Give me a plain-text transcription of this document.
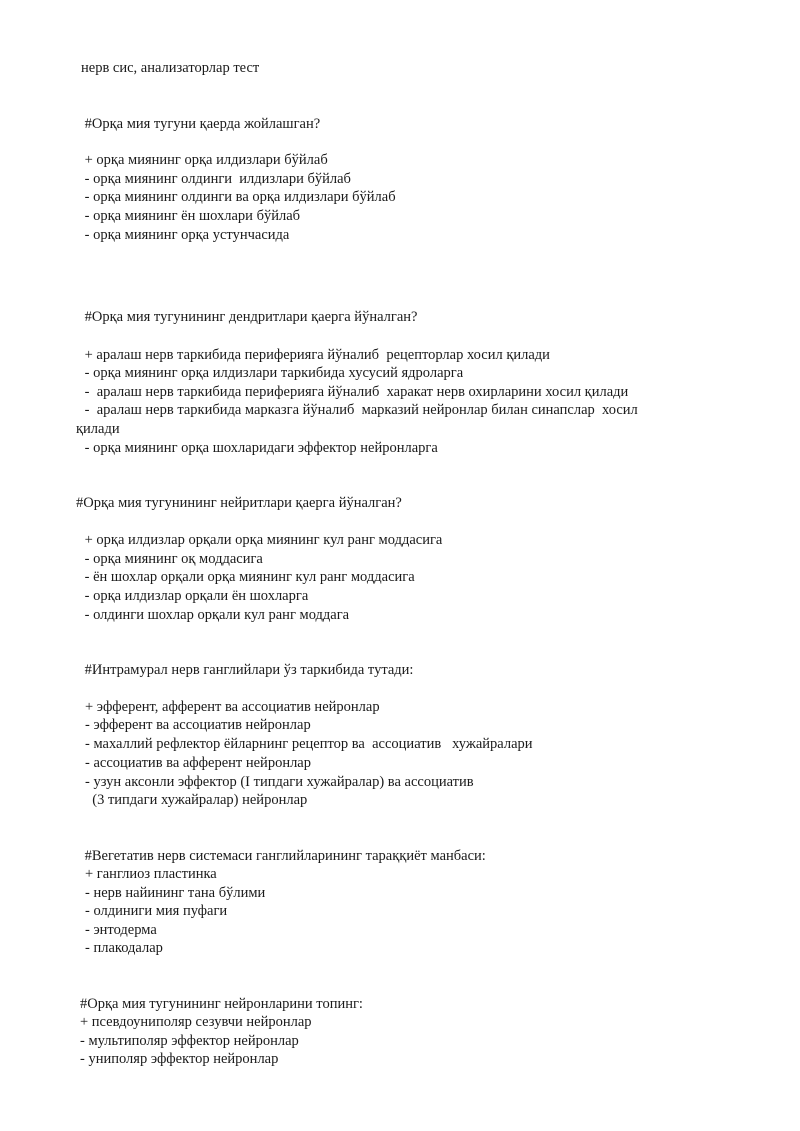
нерв сис, анализаторлар тест
#Орқа мия тугуни қаерда жойлашган?
+ орқа миянинг орқа илдизлари бўйлаб
- орқа миянинг олдинги  илдизлари бўйлаб
- орқа миянинг олдинги ва орқа илдизлари бўйлаб
- орқа миянинг ён шохлари бўйлаб
- орқа миянинг орқа устунчасида
#Орқа мия тугунининг дендритлари қаерга йўналган?
+ аралаш нерв таркибида периферияга йўналиб  рецепторлар хосил қилади
- орқа миянинг орқа илдизлари таркибида хусусий ядроларга
-  аралаш нерв таркибида периферияга йўналиб  харакат нерв охирларини хосил қилади
-  аралаш нерв таркибида марказга йўналиб  марказий нейронлар билан синапслар  хосил
қилади
- орқа миянинг орқа шохларидаги эффектор нейронларга
#Орқа мия тугунининг нейритлари қаерга йўналган?
+ орқа илдизлар орқали орқа миянинг кул ранг моддасига
- орқа миянинг оқ моддасига
- ён шохлар орқали орқа миянинг кул ранг моддасига
- орқа илдизлар орқали ён шохларга
- олдинги шохлар орқали кул ранг моддага
#Интрамурал нерв ганглийлари ўз таркибида тутади:
+ эфферент, афферент ва ассоциатив нейронлар
- эфферент ва ассоциатив нейронлар
- махаллий рефлектор ёйларнинг рецептор ва  ассоциатив   хужайралари
- ассоциатив ва афферент нейронлар
- узун аксонли эффектор (I типдаги хужайралар) ва ассоциатив
(3 типдаги хужайралар) нейронлар
#Вегетатив нерв системаси ганглийларининг тараққиёт манбаси:
+ ганглиоз пластинка
- нерв найининг тана бўлими
- олдиниги мия пуфаги
- энтодерма
- плакодалар
#Орқа мия тугунининг нейронларини топинг:
+ псевдоуниполяр сезувчи нейронлар
- мультиполяр эффектор нейронлар
- униполяр эффектор нейронлар
